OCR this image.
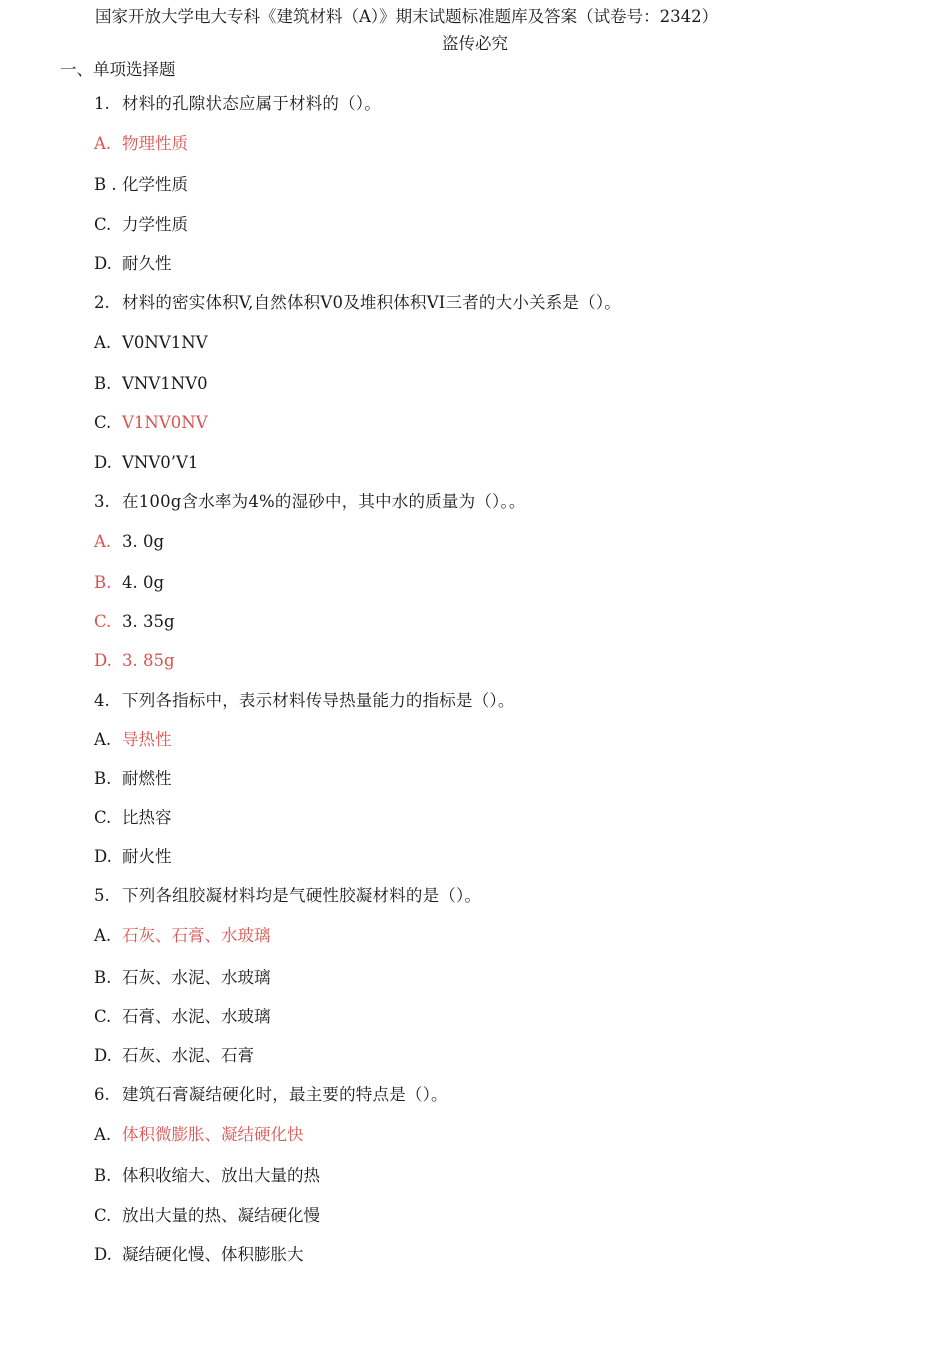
国家开放大学电大专科《建筑材料（A）》期末试题标准题库及答案（试卷号：2342）
盗传必究
一、单项选择题
1. 材料的孔隙状态应属于材料的（）。
A. 物理性质
B . 化学性质
C. 力学性质
D. 耐久性
2. 材料的密实体积V,自然体积V0及堆积体积VI三者的大小关系是（）。
A. V0NV1NV
B. VNV1NV0
C. V1NV0NV
D. VNV0’V1
3. 在100g含水率为4%的湿砂中，其中水的质量为（）。。
A. 3. 0g
B. 4. 0g
C. 3. 35g
D. 3. 85g
4. 下列各指标中，表示材料传导热量能力的指标是（）。
A. 导热性
B. 耐燃性
C. 比热容
D. 耐火性
5. 下列各组胶凝材料均是气硬性胶凝材料的是（）。
A. 石灰、石膏、水玻璃
B. 石灰、水泥、水玻璃
C. 石膏、水泥、水玻璃
D. 石灰、水泥、石膏
6. 建筑石膏凝结硬化时，最主要的特点是（）。
A. 体积微膨胀、凝结硬化快
B. 体积收缩大、放出大量的热
C. 放出大量的热、凝结硬化慢
D. 凝结硬化慢、体积膨胀大
